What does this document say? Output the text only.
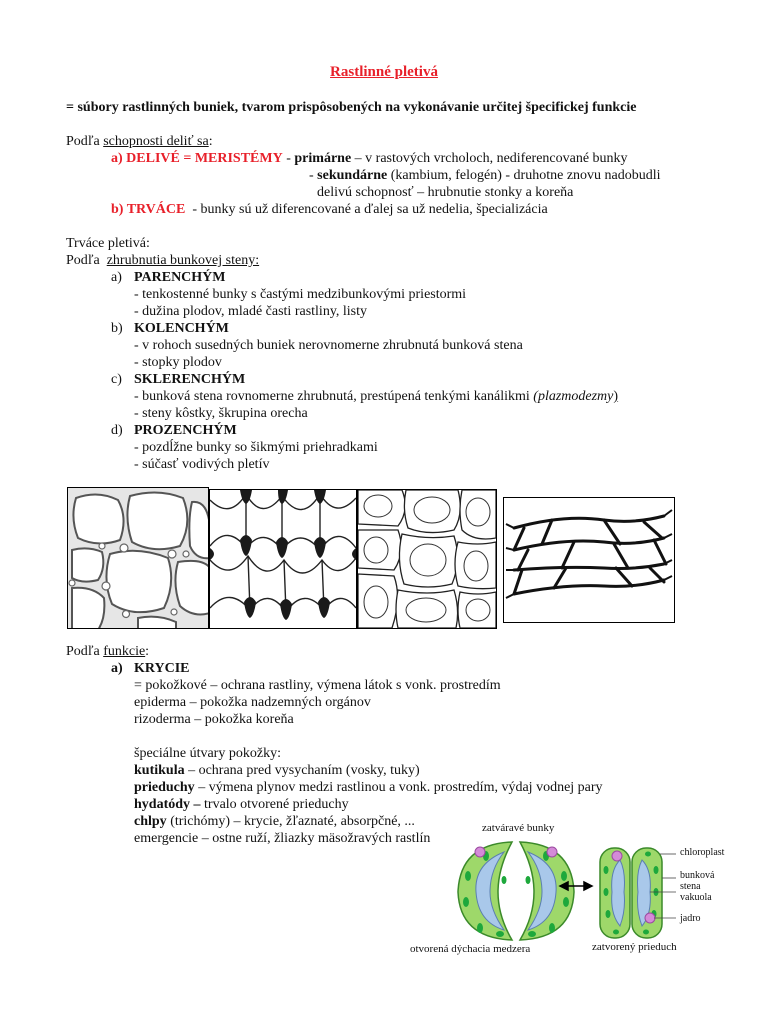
Rastlinné pletivá
= súbory rastlinných buniek, tvarom prispôsobených na vykonávanie určitej špecifickej funkcie
Podľa schopnosti deliť sa:
a) DELIVÉ = MERISTÉMY - primárne – v rastových vrcholoch, nediferencované bunky
- sekundárne (kambium, felogén) - druhotne znovu nadobudli
delivú schopnosť – hrubnutie stonky a koreňa
b) TRVÁCE  - bunky sú už diferencované a ďalej sa už nedelia, špecializácia
Trváce pletivá:
Podľa  zhrubnutia bunkovej steny:
a) PARENCHÝM
- tenkostenné bunky s častými medzibunkovými priestormi
- dužina plodov, mladé časti rastliny, listy
b) KOLENCHÝM
- v rohoch susedných buniek nerovnomerne zhrubnutá bunková stena
- stopky plodov
c) SKLERENCHÝM
- bunková stena rovnomerne zhrubnutá, prestúpená tenkými kanálikmi (plazmodezmy)
- steny kôstky, škrupina orecha
d) PROZENCHÝM
- pozdĺžne bunky so šikmými priehradkami
- súčasť vodivých pletív
Podľa funkcie:
a) KRYCIE
= pokožkové – ochrana rastliny, výmena látok s vonk. prostredím
epiderma – pokožka nadzemných orgánov
rizoderma – pokožka koreňa
špeciálne útvary pokožky:
kutikula – ochrana pred vysychaním (vosky, tuky)
prieduchy – výmena plynov medzi rastlinou a vonk. prostredím, výdaj vodnej pary
hydatódy – trvalo otvorené prieduchy
chlpy (trichómy) – krycie, žľaznaté, absorpčné, ...
emergencie – ostne ruží, žliazky mäsožravých rastlín
zatváravé bunky
chloroplast
bunková
stena
vakuola
jadro
otvorená dýchacia medzera	zatvorený prieduch
